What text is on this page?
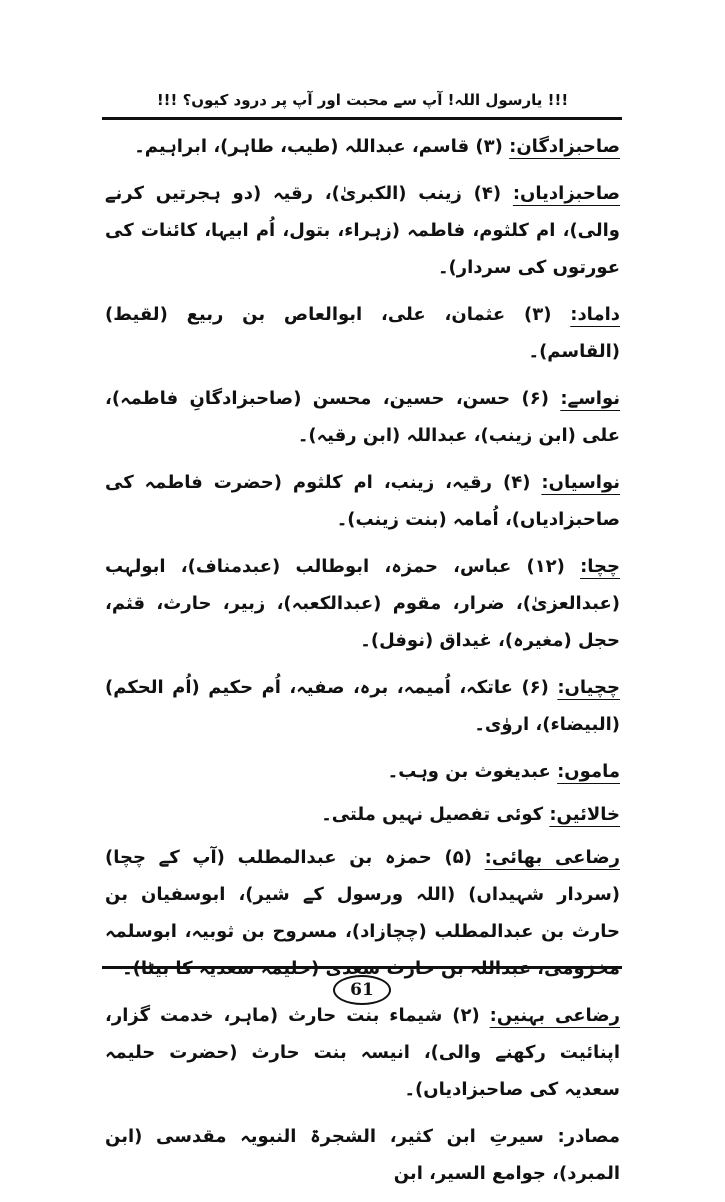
!!! یارسول اللہ! آپ سے محبت اور آپ پر درود کیوں؟ !!!

صاحبزادگان: (۳) قاسم، عبداللہ (طیب، طاہر)، ابراہیم۔

صاحبزادیاں: (۴) زینب (الکبریٰ)، رقیہ (دو ہجرتیں کرنے والی)، ام کلثوم، فاطمہ (زہراء، بتول، اُم ابیہا، کائنات کی عورتوں کی سردار)۔

داماد: (۳) عثمان، علی، ابوالعاص بن ربیع (لقیط) (القاسم)۔

نواسے: (۶) حسن، حسین، محسن (صاحبزادگانِ فاطمہ)، علی (ابن زینب)، عبداللہ (ابن رقیہ)۔

نواسیاں: (۴) رقیہ، زینب، ام کلثوم (حضرت فاطمہ کی صاحبزادیاں)، اُمامہ (بنت زینب)۔

چچا: (۱۲) عباس، حمزہ، ابوطالب (عبدمناف)، ابولہب (عبدالعزیٰ)، ضرار، مقوم (عبدالکعبہ)، زبیر، حارث، قثم، حجل (مغیرہ)، غیداق (نوفل)۔

چچیاں: (۶) عاتکہ، اُمیمہ، برہ، صفیہ، اُم حکیم (اُم الحکم) (البیضاء)، اروٰی۔

ماموں: عبدیغوث بن وہب۔

خالائیں: کوئی تفصیل نہیں ملتی۔

رضاعی بھائی: (۵) حمزہ بن عبدالمطلب (آپ کے چچا) (سردار شہیداں) (اللہ ورسول کے شیر)، ابوسفیان بن حارث بن عبدالمطلب (چچازاد)، مسروح بن ثوبیہ، ابوسلمہ

رضاعی بہنیں: (۲) شیماء بنت حارث (ماہر، خدمت گزار، اپنائیت رکھنے والی)، انیسہ بنت حارث (حضرت حلیمہ سعدیہ کی صاحبزادیاں)۔

مصادر: سیرتِ ابن کثیر، الشجرۃ النبویہ مقدسی (ابن المبرد)، جوامع السیر، ابن

61
